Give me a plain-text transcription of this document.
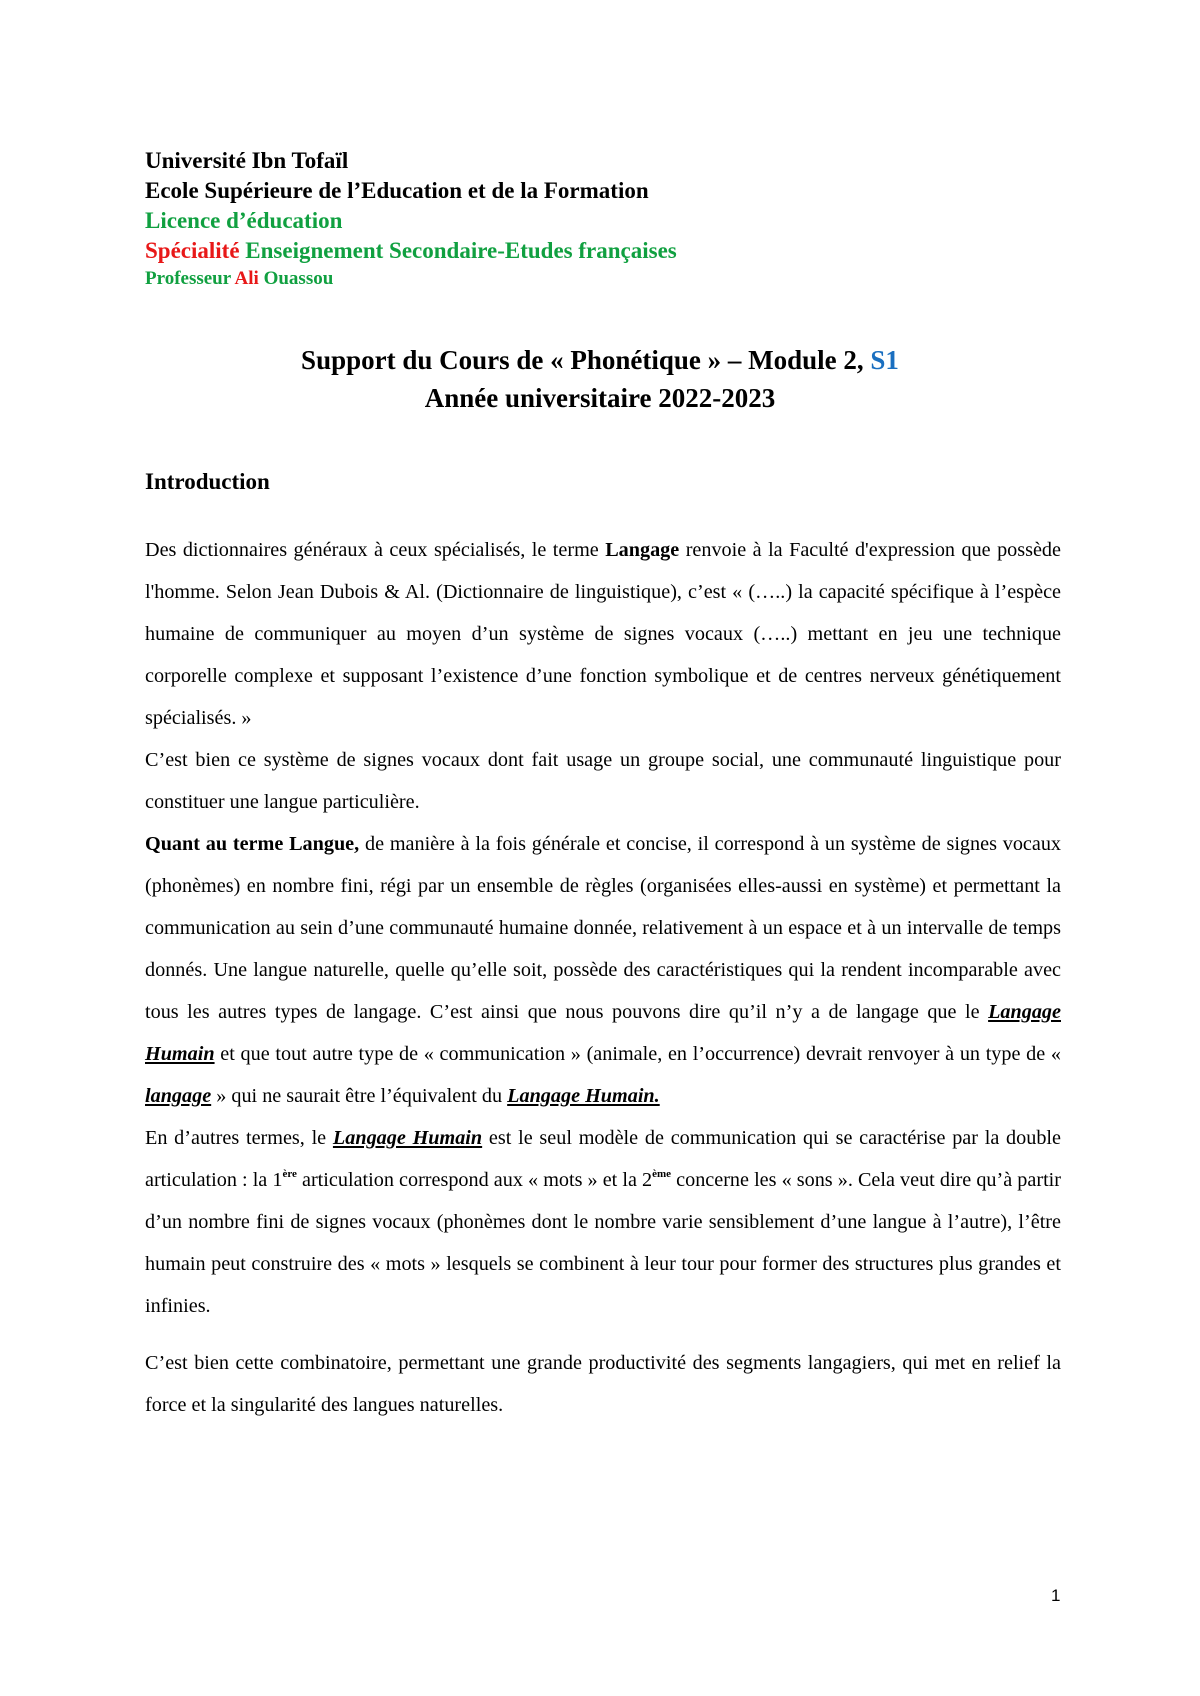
Université Ibn Tofaïl
Ecole Supérieure de l’Education et de la Formation
Licence d’éducation
Spécialité Enseignement Secondaire-Etudes françaises
Professeur Ali Ouassou
Support du Cours de « Phonétique » – Module 2, S1
Année universitaire 2022-2023
Introduction

Des dictionnaires généraux à ceux spécialisés, le terme Langage renvoie à la Faculté d'expression que possède l'homme. Selon Jean Dubois & Al. (Dictionnaire de linguistique), c’est « (…..) la capacité spécifique à l’espèce humaine de communiquer au moyen d’un système de signes vocaux (…..) mettant en jeu une technique corporelle complexe et supposant l’existence d’une fonction symbolique et de centres nerveux génétiquement spécialisés. »

C’est bien ce système de signes vocaux dont fait usage un groupe social, une communauté linguistique pour constituer une langue particulière.

Quant au terme Langue, de manière à la fois générale et concise, il correspond à un système de signes vocaux (phonèmes) en nombre fini, régi par un ensemble de règles (organisées elles-aussi en système) et permettant la communication au sein d’une communauté humaine donnée, relativement à un espace et à un intervalle de temps donnés. Une langue naturelle, quelle qu’elle soit, possède des caractéristiques qui la rendent incomparable avec tous les autres types de langage. C’est ainsi que nous pouvons dire qu’il n’y a de langage que le Langage Humain et que tout autre type de « communication » (animale, en l’occurrence) devrait renvoyer à un type de « langage » qui ne saurait être l’équivalent du Langage Humain.

En d’autres termes, le Langage Humain est le seul modèle de communication qui se caractérise par la double articulation : la 1ère articulation correspond aux « mots » et la 2ème concerne les « sons ». Cela veut dire qu’à partir d’un nombre fini de signes vocaux (phonèmes dont le nombre varie sensiblement d’une langue à l’autre), l’être humain peut construire des « mots » lesquels se combinent à leur tour pour former des structures plus grandes et infinies.

C’est bien cette combinatoire, permettant une grande productivité des segments langagiers, qui met en relief la force et la singularité des langues naturelles.

1
